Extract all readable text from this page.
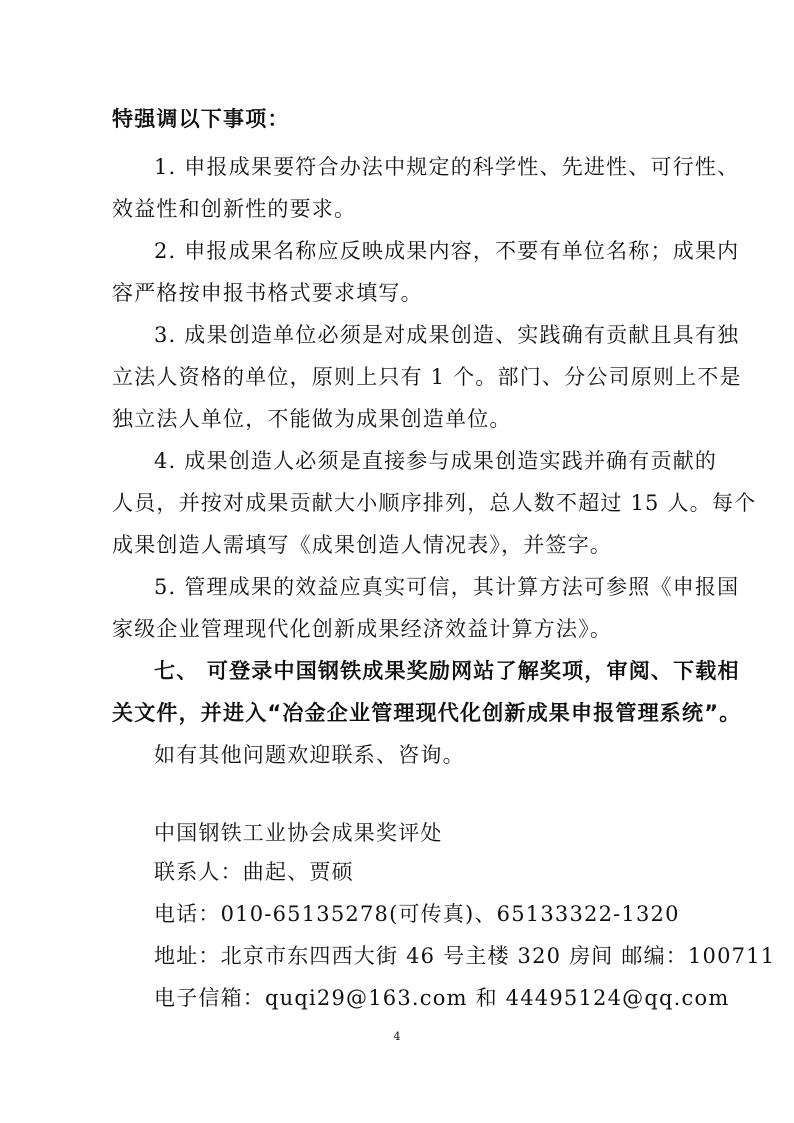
特强调以下事项：
1. 申报成果要符合办法中规定的科学性、先进性、可行性、
效益性和创新性的要求。
2. 申报成果名称应反映成果内容，不要有单位名称；成果内
容严格按申报书格式要求填写。
3. 成果创造单位必须是对成果创造、实践确有贡献且具有独
立法人资格的单位，原则上只有 1 个。部门、分公司原则上不是
独立法人单位，不能做为成果创造单位。
4. 成果创造人必须是直接参与成果创造实践并确有贡献的
人员，并按对成果贡献大小顺序排列，总人数不超过 15 人。每个
成果创造人需填写《成果创造人情况表》，并签字。
5. 管理成果的效益应真实可信，其计算方法可参照《申报国
家级企业管理现代化创新成果经济效益计算方法》。
七、 可登录中国钢铁成果奖励网站了解奖项，审阅、下载相
关文件，并进入“冶金企业管理现代化创新成果申报管理系统”。
如有其他问题欢迎联系、咨询。
中国钢铁工业协会成果奖评处
联系人：曲起、贾硕
电话：010-65135278(可传真)、65133322-1320
地址：北京市东四西大街 46 号主楼 320 房间 邮编：100711
电子信箱：quqi29@163.com 和 44495124@qq.com
4
